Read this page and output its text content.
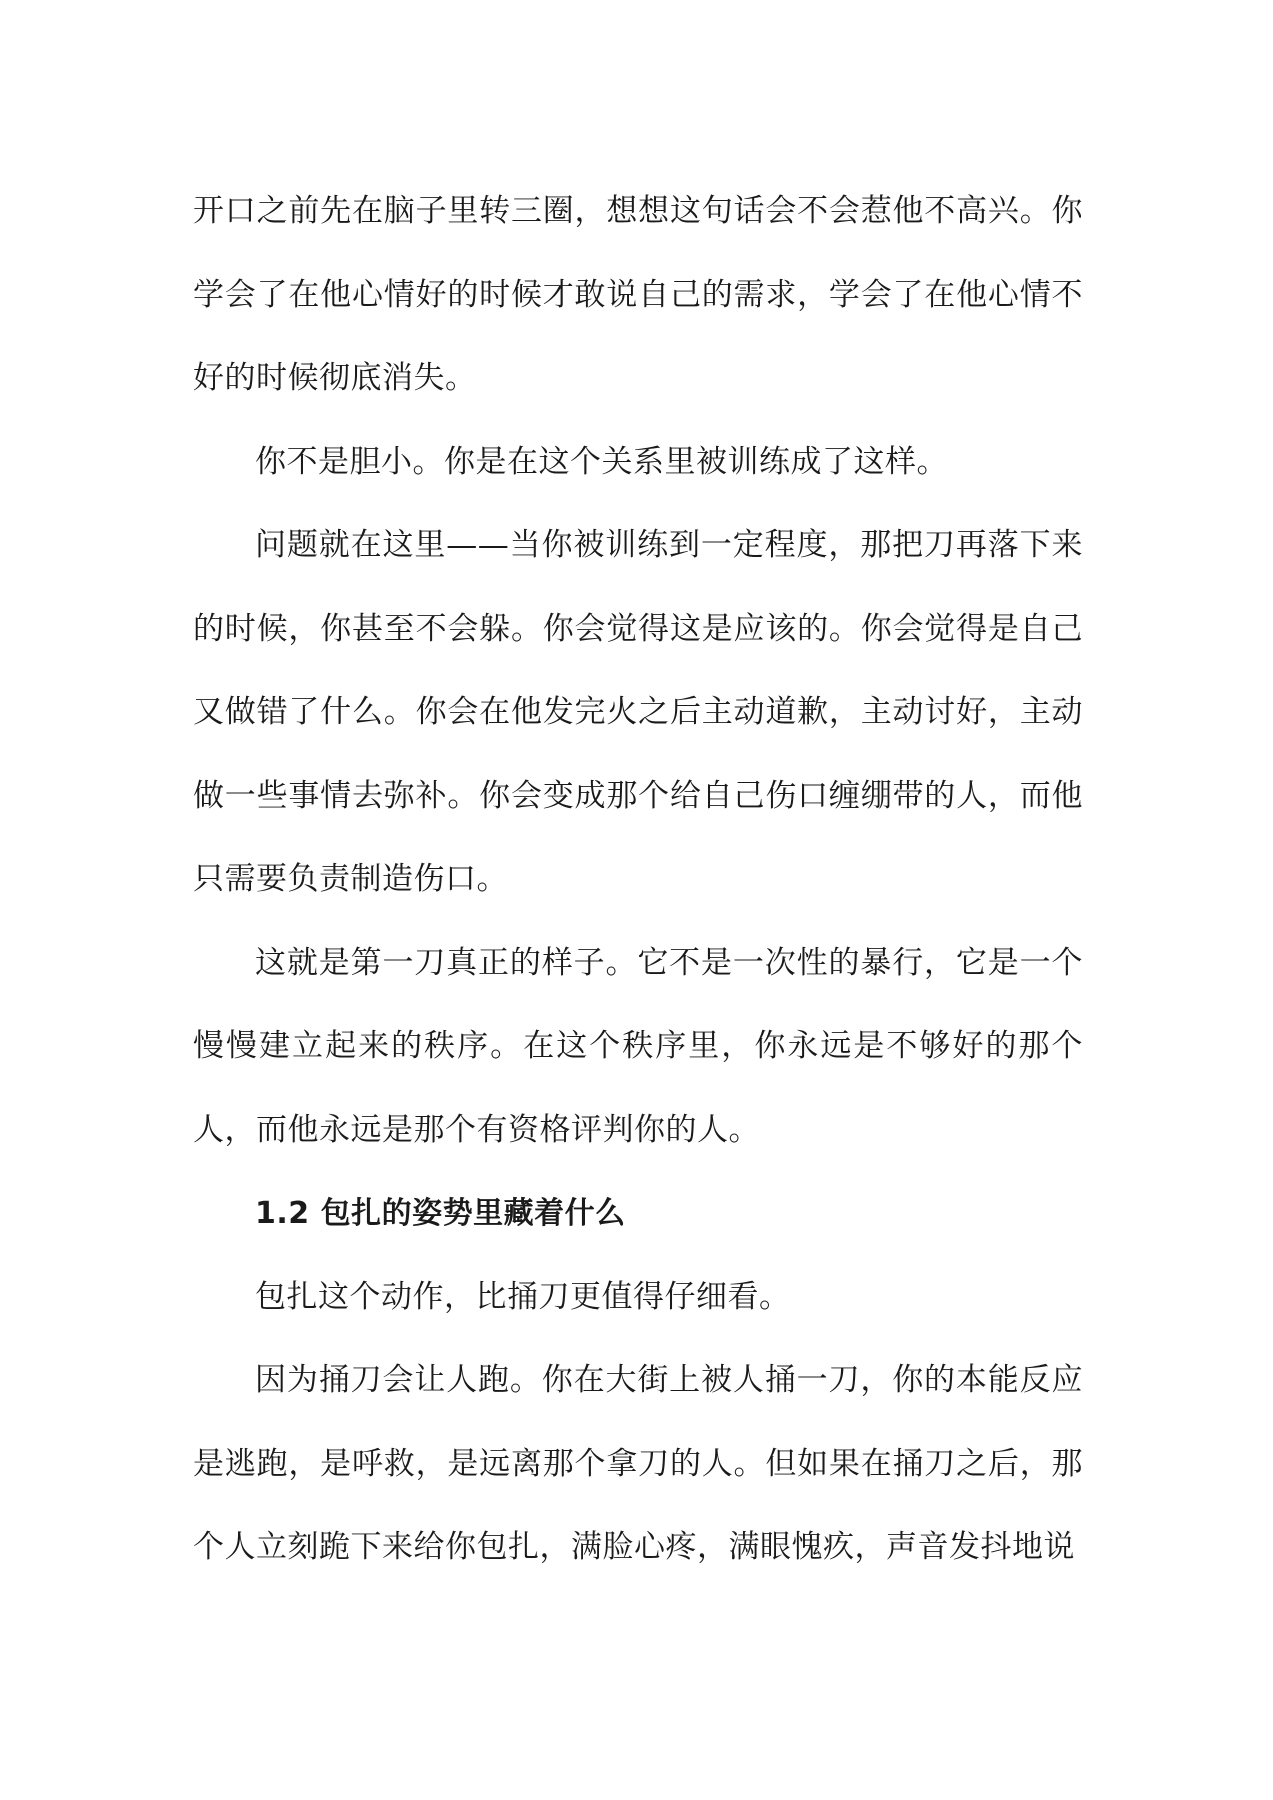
开口之前先在脑子里转三圈，想想这句话会不会惹他不高兴。你学会了在他心情好的时候才敢说自己的需求，学会了在他心情不好的时候彻底消失。

你不是胆小。你是在这个关系里被训练成了这样。

问题就在这里——当你被训练到一定程度，那把刀再落下来的时候，你甚至不会躲。你会觉得这是应该的。你会觉得是自己又做错了什么。你会在他发完火之后主动道歉，主动讨好，主动做一些事情去弥补。你会变成那个给自己伤口缠绷带的人，而他只需要负责制造伤口。

这就是第一刀真正的样子。它不是一次性的暴行，它是一个慢慢建立起来的秩序。在这个秩序里，你永远是不够好的那个人，而他永远是那个有资格评判你的人。

1.2 包扎的姿势里藏着什么

包扎这个动作，比捅刀更值得仔细看。

因为捅刀会让人跑。你在大街上被人捅一刀，你的本能反应是逃跑，是呼救，是远离那个拿刀的人。但如果在捅刀之后，那个人立刻跪下来给你包扎，满脸心疼，满眼愧疚，声音发抖地说
